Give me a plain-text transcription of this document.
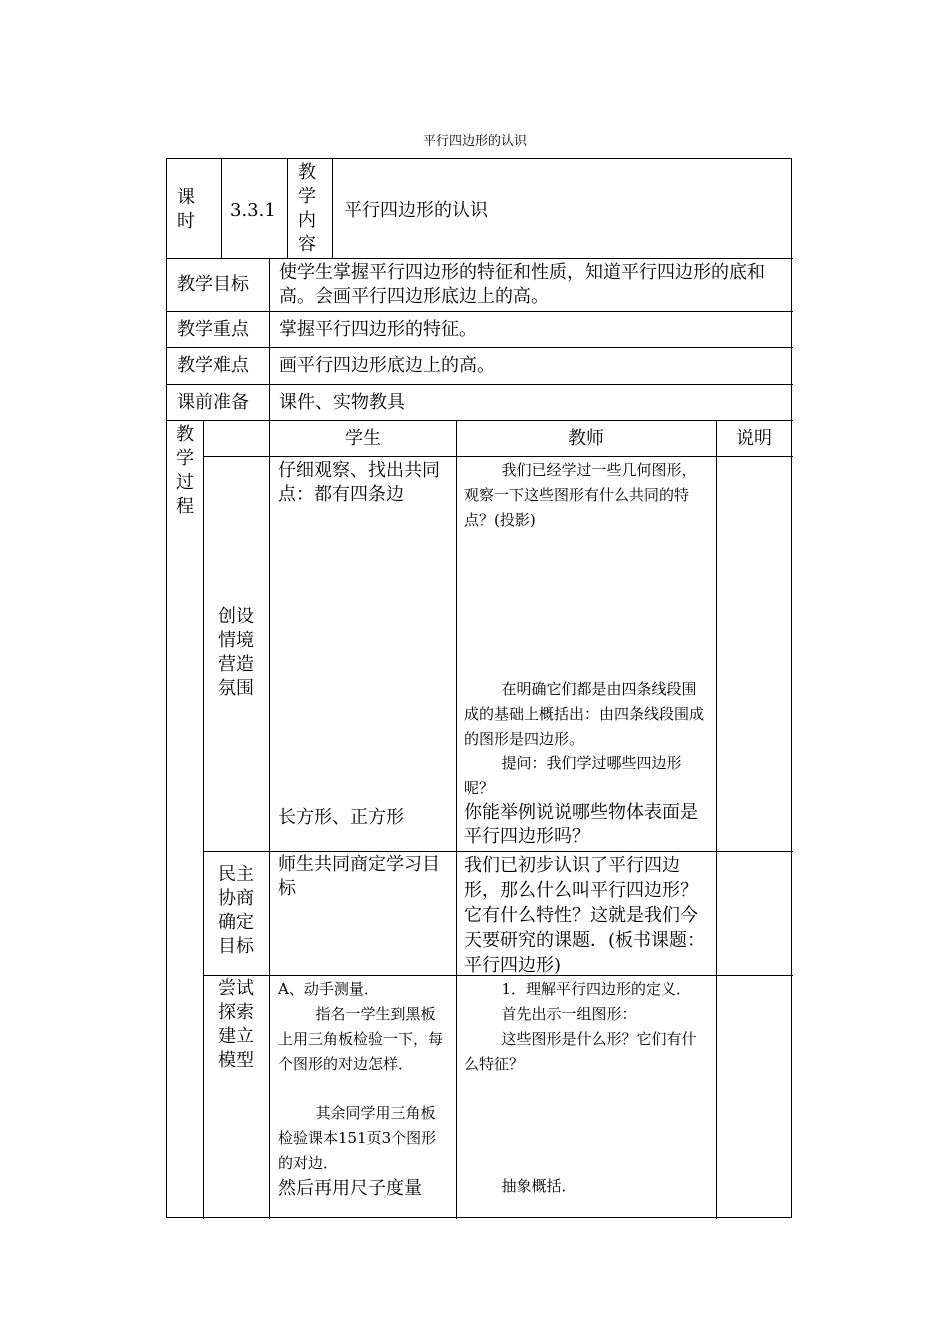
平行四边形的认识
课时
3.3.1
教学内容
平行四边形的认识
教学目标
使学生掌握平行四边形的特征和性质，知道平行四边形的底和高。会画平行四边形底边上的高。
教学重点 掌握平行四边形的特征。
教学难点 画平行四边形底边上的高。
课前准备 课件、实物教具
教学过程
学生	教师	说明
创设情境营造氛围
仔细观察、找出共同点：都有四条边
长方形、正方形
我们已经学过一些几何图形，观察一下这些图形有什么共同的特点？(投影)
在明确它们都是由四条线段围成的基础上概括出：由四条线段围成的图形是四边形。
提问：我们学过哪些四边形呢？
你能举例说说哪些物体表面是平行四边形吗？
民主协商确定目标
师生共同商定学习目标
我们已初步认识了平行四边形，那么什么叫平行四边形？它有什么特性？这就是我们今天要研究的课题．(板书课题：平行四边形)
尝试探索建立模型
A、动手测量．
指名一学生到黑板上用三角板检验一下，每个图形的对边怎样．
其余同学用三角板检验课本151页3个图形的对边．
然后再用尺子度量
1．理解平行四边形的定义．
首先出示一组图形：
这些图形是什么形？它们有什么特征？
抽象概括．
